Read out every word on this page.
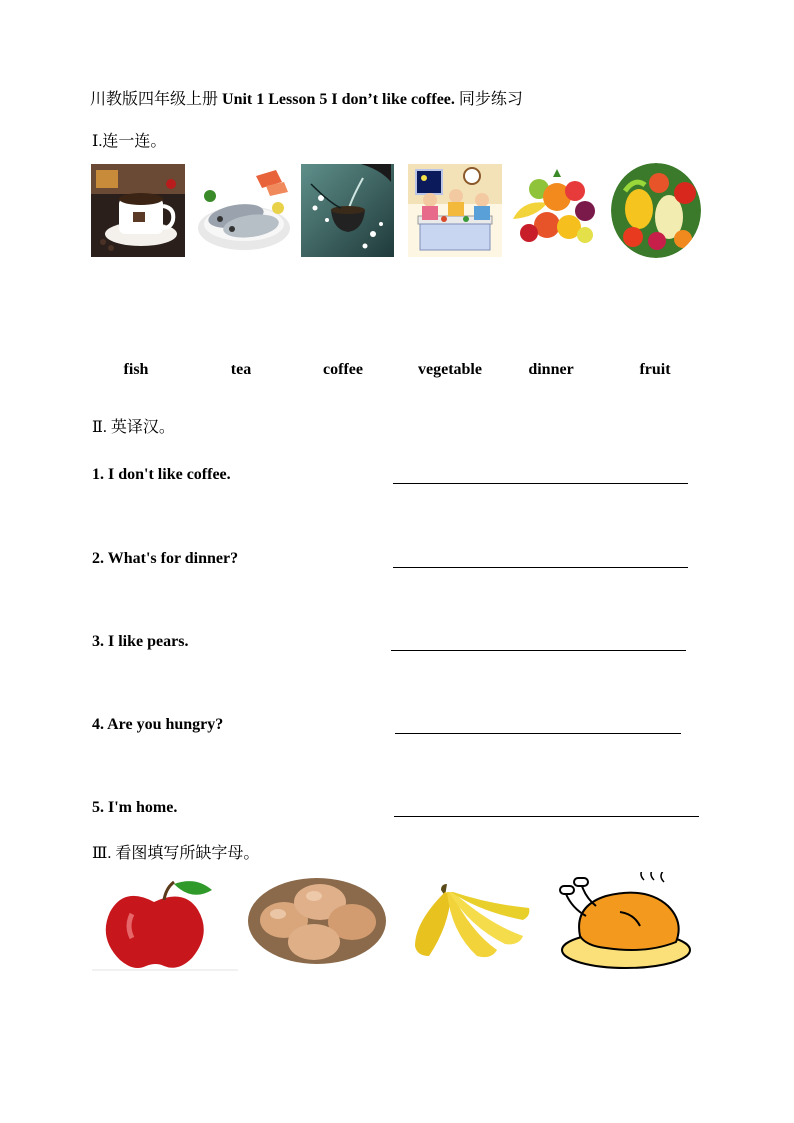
川教版四年级上册 Unit 1 Lesson 5 I don’t like coffee. 同步练习
Ⅰ.连一连。
fish	tea	coffee	vegetable	dinner	fruit
Ⅱ. 英译汉。
1. I don't like coffee.
2. What's for dinner?
3. I like pears.
4. Are you hungry?
5. I'm home.
Ⅲ. 看图填写所缺字母。
